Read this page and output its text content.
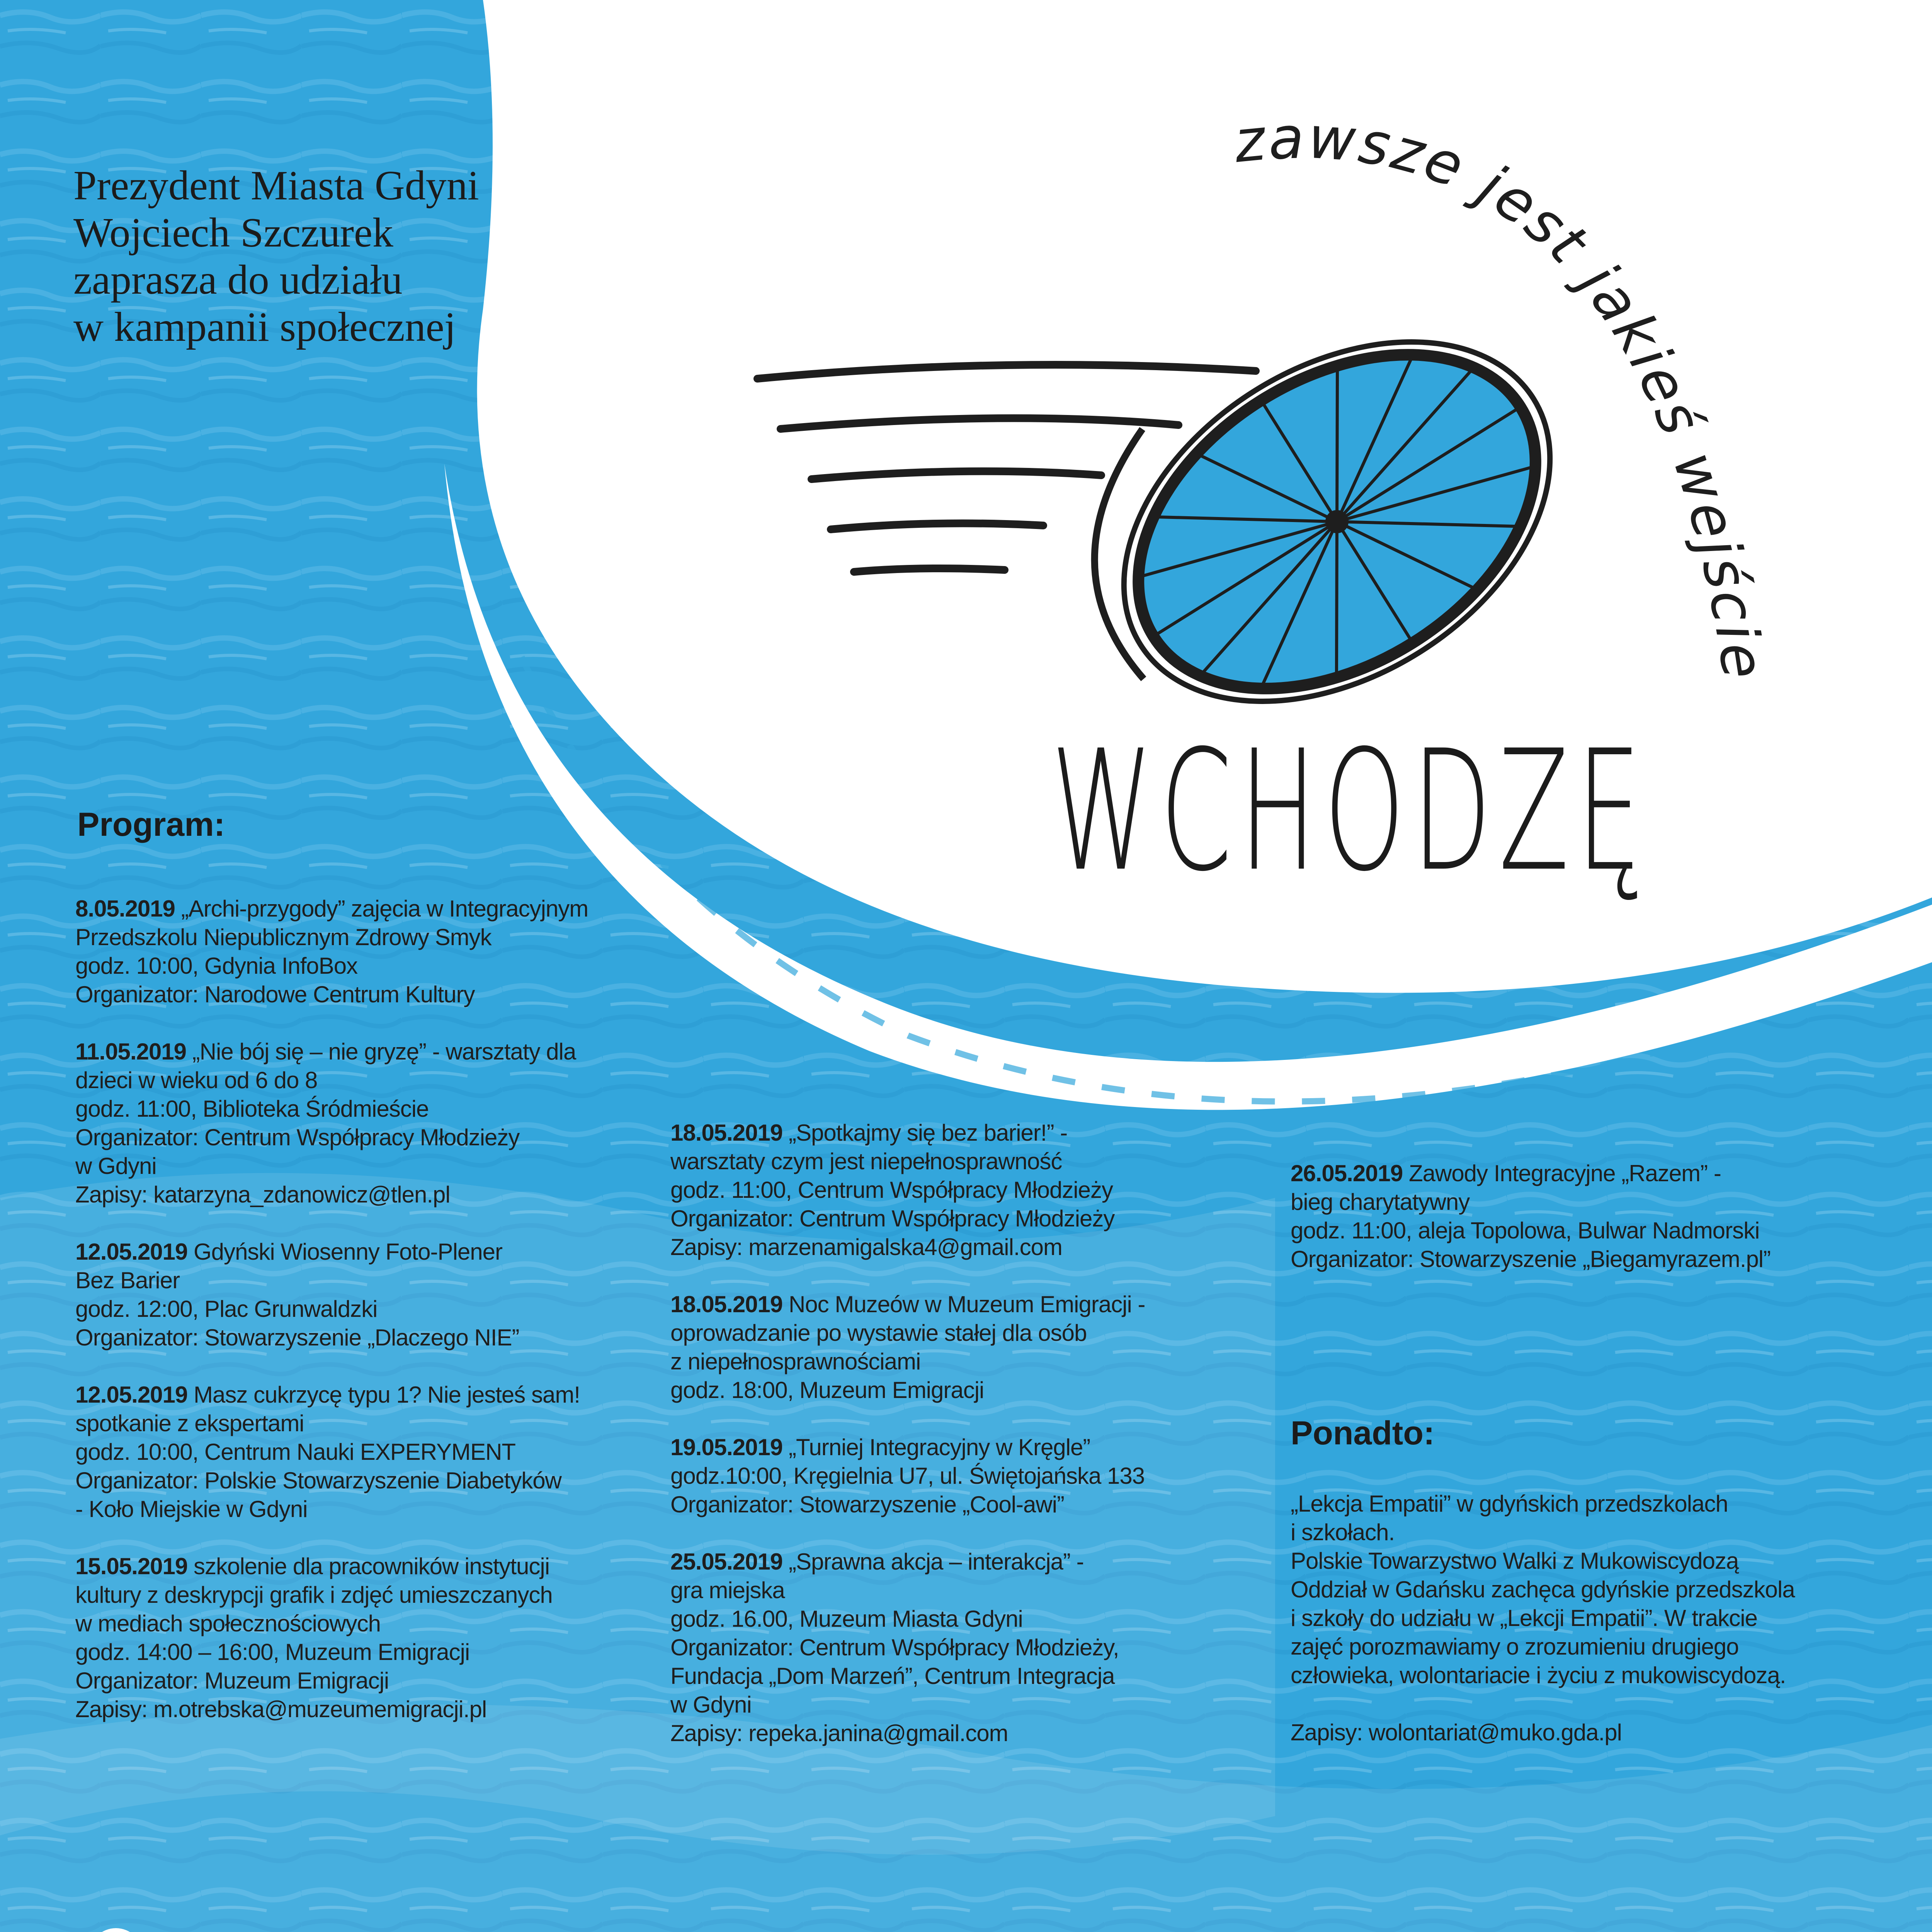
zawsze jest jakieś wejście
WCHODZĘ
Prezydent Miasta Gdyni
Wojciech Szczurek
zaprasza do udziału
w kampanii społecznej
Program:

8.05.2019 „Archi-przygody” zajęcia w Integracyjnym

Przedszkolu Niepublicznym Zdrowy Smyk

godz. 10:00, Gdynia InfoBox

Organizator: Narodowe Centrum Kultury

11.05.2019 „Nie bój się – nie gryzę” - warsztaty dla

dzieci w wieku od 6 do 8

godz. 11:00, Biblioteka Śródmieście

Organizator: Centrum Współpracy Młodzieży

w Gdyni

Zapisy: katarzyna_zdanowicz@tlen.pl

12.05.2019 Gdyński Wiosenny Foto-Plener

Bez Barier

godz. 12:00, Plac Grunwaldzki

Organizator: Stowarzyszenie „Dlaczego NIE”

12.05.2019 Masz cukrzycę typu 1? Nie jesteś sam!

spotkanie z ekspertami

godz. 10:00, Centrum Nauki EXPERYMENT

Organizator: Polskie Stowarzyszenie Diabetyków

- Koło Miejskie w Gdyni

15.05.2019 szkolenie dla pracowników instytucji

kultury z deskrypcji grafik i zdjęć umieszczanych

w mediach społecznościowych

godz. 14:00 – 16:00, Muzeum Emigracji

Organizator: Muzeum Emigracji

Zapisy: m.otrebska@muzeumemigracji.pl

18.05.2019 „Spotkajmy się bez barier!” -

warsztaty czym jest niepełnosprawność

godz. 11:00, Centrum Współpracy Młodzieży

Organizator: Centrum Współpracy Młodzieży

Zapisy: marzenamigalska4@gmail.com

18.05.2019 Noc Muzeów w Muzeum Emigracji -

oprowadzanie po wystawie stałej dla osób

z niepełnosprawnościami

godz. 18:00, Muzeum Emigracji

19.05.2019 „Turniej Integracyjny w Kręgle”

godz.10:00, Kręgielnia U7, ul. Świętojańska 133

Organizator: Stowarzyszenie „Cool-awi”

25.05.2019 „Sprawna akcja – interakcja” -

gra miejska

godz. 16.00, Muzeum Miasta Gdyni

Organizator: Centrum Współpracy Młodzieży,

Fundacja „Dom Marzeń”, Centrum Integracja

w Gdyni

Zapisy: repeka.janina@gmail.com

26.05.2019 Zawody Integracyjne „Razem” -

bieg charytatywny

godz. 11:00, aleja Topolowa, Bulwar Nadmorski

Organizator: Stowarzyszenie „Biegamyrazem.pl”

Ponadto:

„Lekcja Empatii” w gdyńskich przedszkolach

i szkołach.

Polskie Towarzystwo Walki z Mukowiscydozą

Oddział w Gdańsku zachęca gdyńskie przedszkola

i szkoły do udziału w „Lekcji Empatii”. W trakcie

zajęć porozmawiamy o zrozumieniu drugiego

człowieka, wolontariacie i życiu z mukowiscydozą.

Zapisy: wolontariat@muko.gda.pl
